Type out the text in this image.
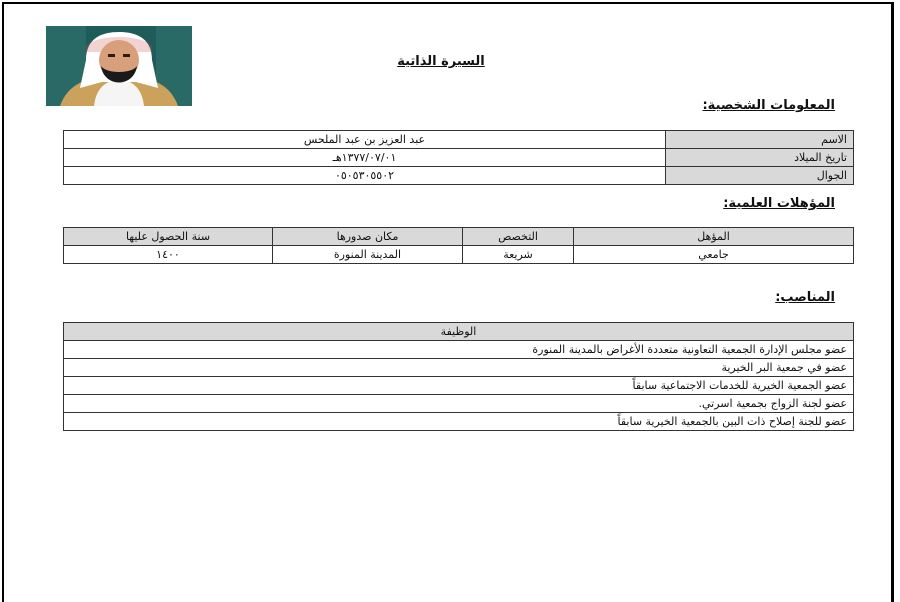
السيرة الذاتية
المعلومات الشخصية:
الاسم	عبد العزيز بن عبد الملحس
تاريخ الميلاد	١٣٧٧/٠٧/٠١هـ
الجوال	٠٥٠٥٣٠٥٥٠٢
المؤهلات العلمية:
المؤهل	التخصص	مكان صدورها	سنة الحصول عليها
جامعي	شريعة	المدينة المنورة	١٤٠٠
المناصب:
الوظيفة
عضو مجلس الإدارة الجمعية التعاونية متعددة الأغراض بالمدينة المنورة
عضو في جمعية البر الخيرية
عضو الجمعية الخيرية للخدمات الاجتماعية سابقاً
عضو لجنة الزواج بجمعية اسرتي.
عضو للجنة إصلاح ذات البين بالجمعية الخيرية سابقاً
